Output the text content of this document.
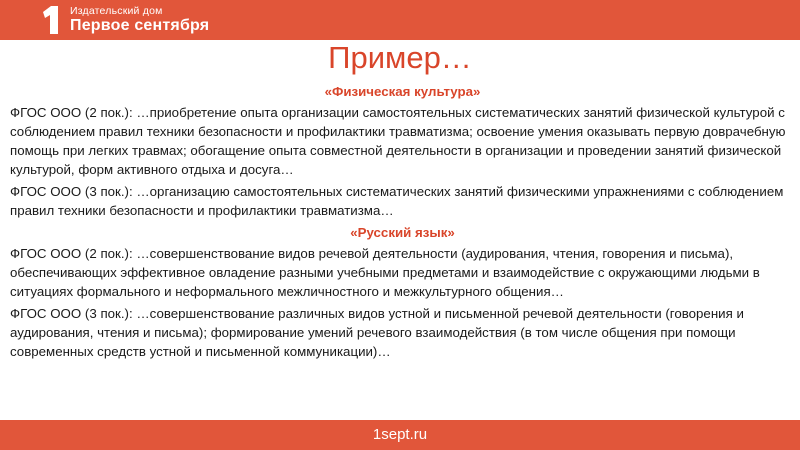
Издательский дом
Первое сентября
Пример…

«Физическая культура»

ФГОС ООО (2 пок.): …приобретение опыта организации самостоятельных систематических занятий физической культурой с соблюдением правил техники безопасности и профилактики травматизма; освоение умения оказывать первую доврачебную помощь при легких травмах; обогащение опыта совместной деятельности в организации и проведении занятий физической культурой, форм активного отдыха и досуга…

ФГОС ООО (3 пок.): …организацию самостоятельных систематических занятий физическими упражнениями с соблюдением правил техники безопасности и профилактики травматизма…

«Русский язык»

ФГОС ООО (2 пок.): …совершенствование видов речевой деятельности (аудирования, чтения, говорения и письма), обеспечивающих эффективное овладение разными учебными предметами и взаимодействие с окружающими людьми в ситуациях формального и неформального межличностного и межкультурного общения…

ФГОС ООО (3 пок.): …совершенствование различных видов устной и письменной речевой деятельности (говорения и аудирования, чтения и письма); формирование умений речевого взаимодействия (в том числе общения при помощи современных средств устной и письменной коммуникации)…

1sept.ru
